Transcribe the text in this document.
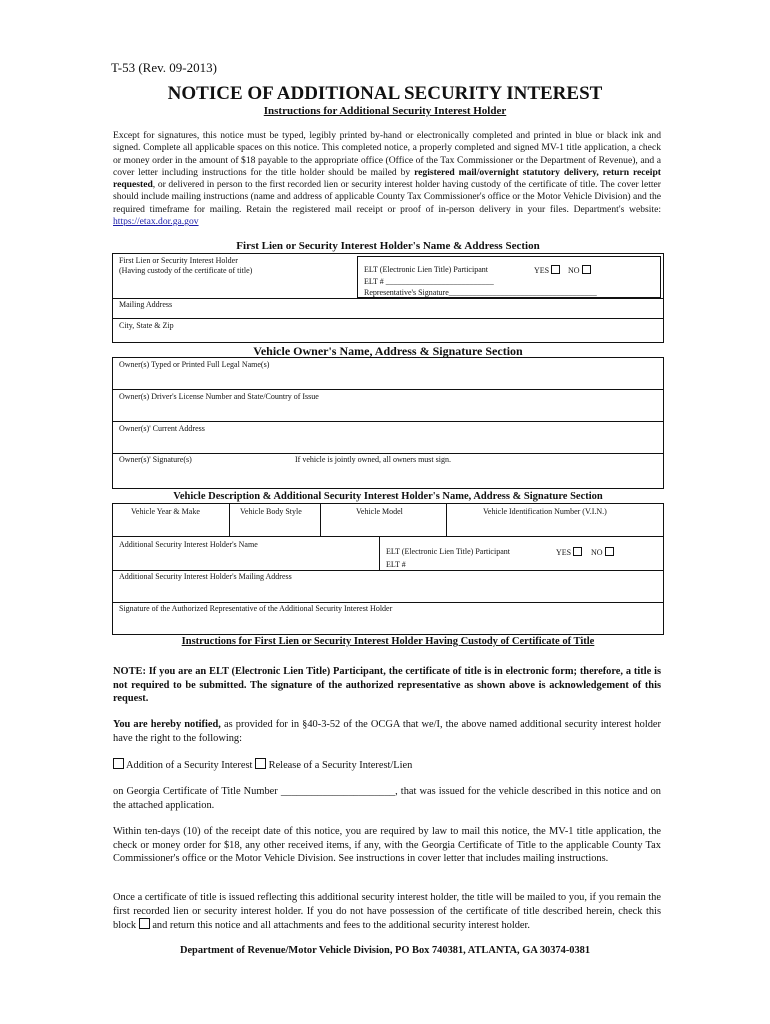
T-53 (Rev. 09-2013)
NOTICE OF ADDITIONAL SECURITY INTEREST
Instructions for Additional Security Interest Holder
Except for signatures, this notice must be typed, legibly printed by-hand or electronically completed and printed in blue or black ink and signed. Complete all applicable spaces on this notice. This completed notice, a properly completed and signed MV-1 title application, a check or money order in the amount of $18 payable to the appropriate office (Office of the Tax Commissioner or the Department of Revenue), and a cover letter including instructions for the title holder should be mailed by registered mail/overnight statutory delivery, return receipt requested, or delivered in person to the first recorded lien or security interest holder having custody of the certificate of title. The cover letter should include mailing instructions (name and address of applicable County Tax Commissioner's office or the Motor Vehicle Division) and the required timeframe for mailing. Retain the registered mail receipt or proof of in-person delivery in your files. Department's website: https://etax.dor.ga.gov
First Lien or Security Interest Holder's Name & Address Section
First Lien or Security Interest Holder
(Having custody of the certificate of title)	ELT (Electronic Lien Title) Participant	YES	NO
ELT # ___________________________
Representative's Signature_____________________________________
Mailing Address
City, State & Zip
Vehicle Owner's Name, Address & Signature Section
Owner(s) Typed or Printed Full Legal Name(s)
Owner(s) Driver's License Number and State/Country of Issue
Owner(s)' Current Address
Owner(s)' Signature(s)	If vehicle is jointly owned, all owners must sign.
Vehicle Description & Additional Security Interest Holder's Name, Address & Signature Section
Vehicle Year & Make	Vehicle Body Style	Vehicle Model	Vehicle Identification Number (V.I.N.)
Additional Security Interest Holder's Name
ELT (Electronic Lien Title) Participant	YES	NO
ELT #
Additional Security Interest Holder's Mailing Address
Signature of the Authorized Representative of the Additional Security Interest Holder
Instructions for First Lien or Security Interest Holder Having Custody of Certificate of Title
NOTE: If you are an ELT (Electronic Lien Title) Participant, the certificate of title is in electronic form; therefore, a title is not required to be submitted. The signature of the authorized representative as shown above is acknowledgement of this request.
You are hereby notified, as provided for in §40-3-52 of the OCGA that we/I, the above named additional security interest holder have the right to the following:
Addition of a Security Interest Release of a Security Interest/Lien
on Georgia Certificate of Title Number ______________________, that was issued for the vehicle described in this notice and on the attached application.
Within ten-days (10) of the receipt date of this notice, you are required by law to mail this notice, the MV-1 title application, the check or money order for $18, any other received items, if any, with the Georgia Certificate of Title to the applicable County Tax Commissioner's office or the Motor Vehicle Division. See instructions in cover letter that includes mailing instructions.
Once a certificate of title is issued reflecting this additional security interest holder, the title will be mailed to you, if you remain the first recorded lien or security interest holder. If you do not have possession of the certificate of title described herein, check this block and return this notice and all attachments and fees to the additional security interest holder.
Department of Revenue/Motor Vehicle Division, PO Box 740381, ATLANTA, GA 30374-0381
